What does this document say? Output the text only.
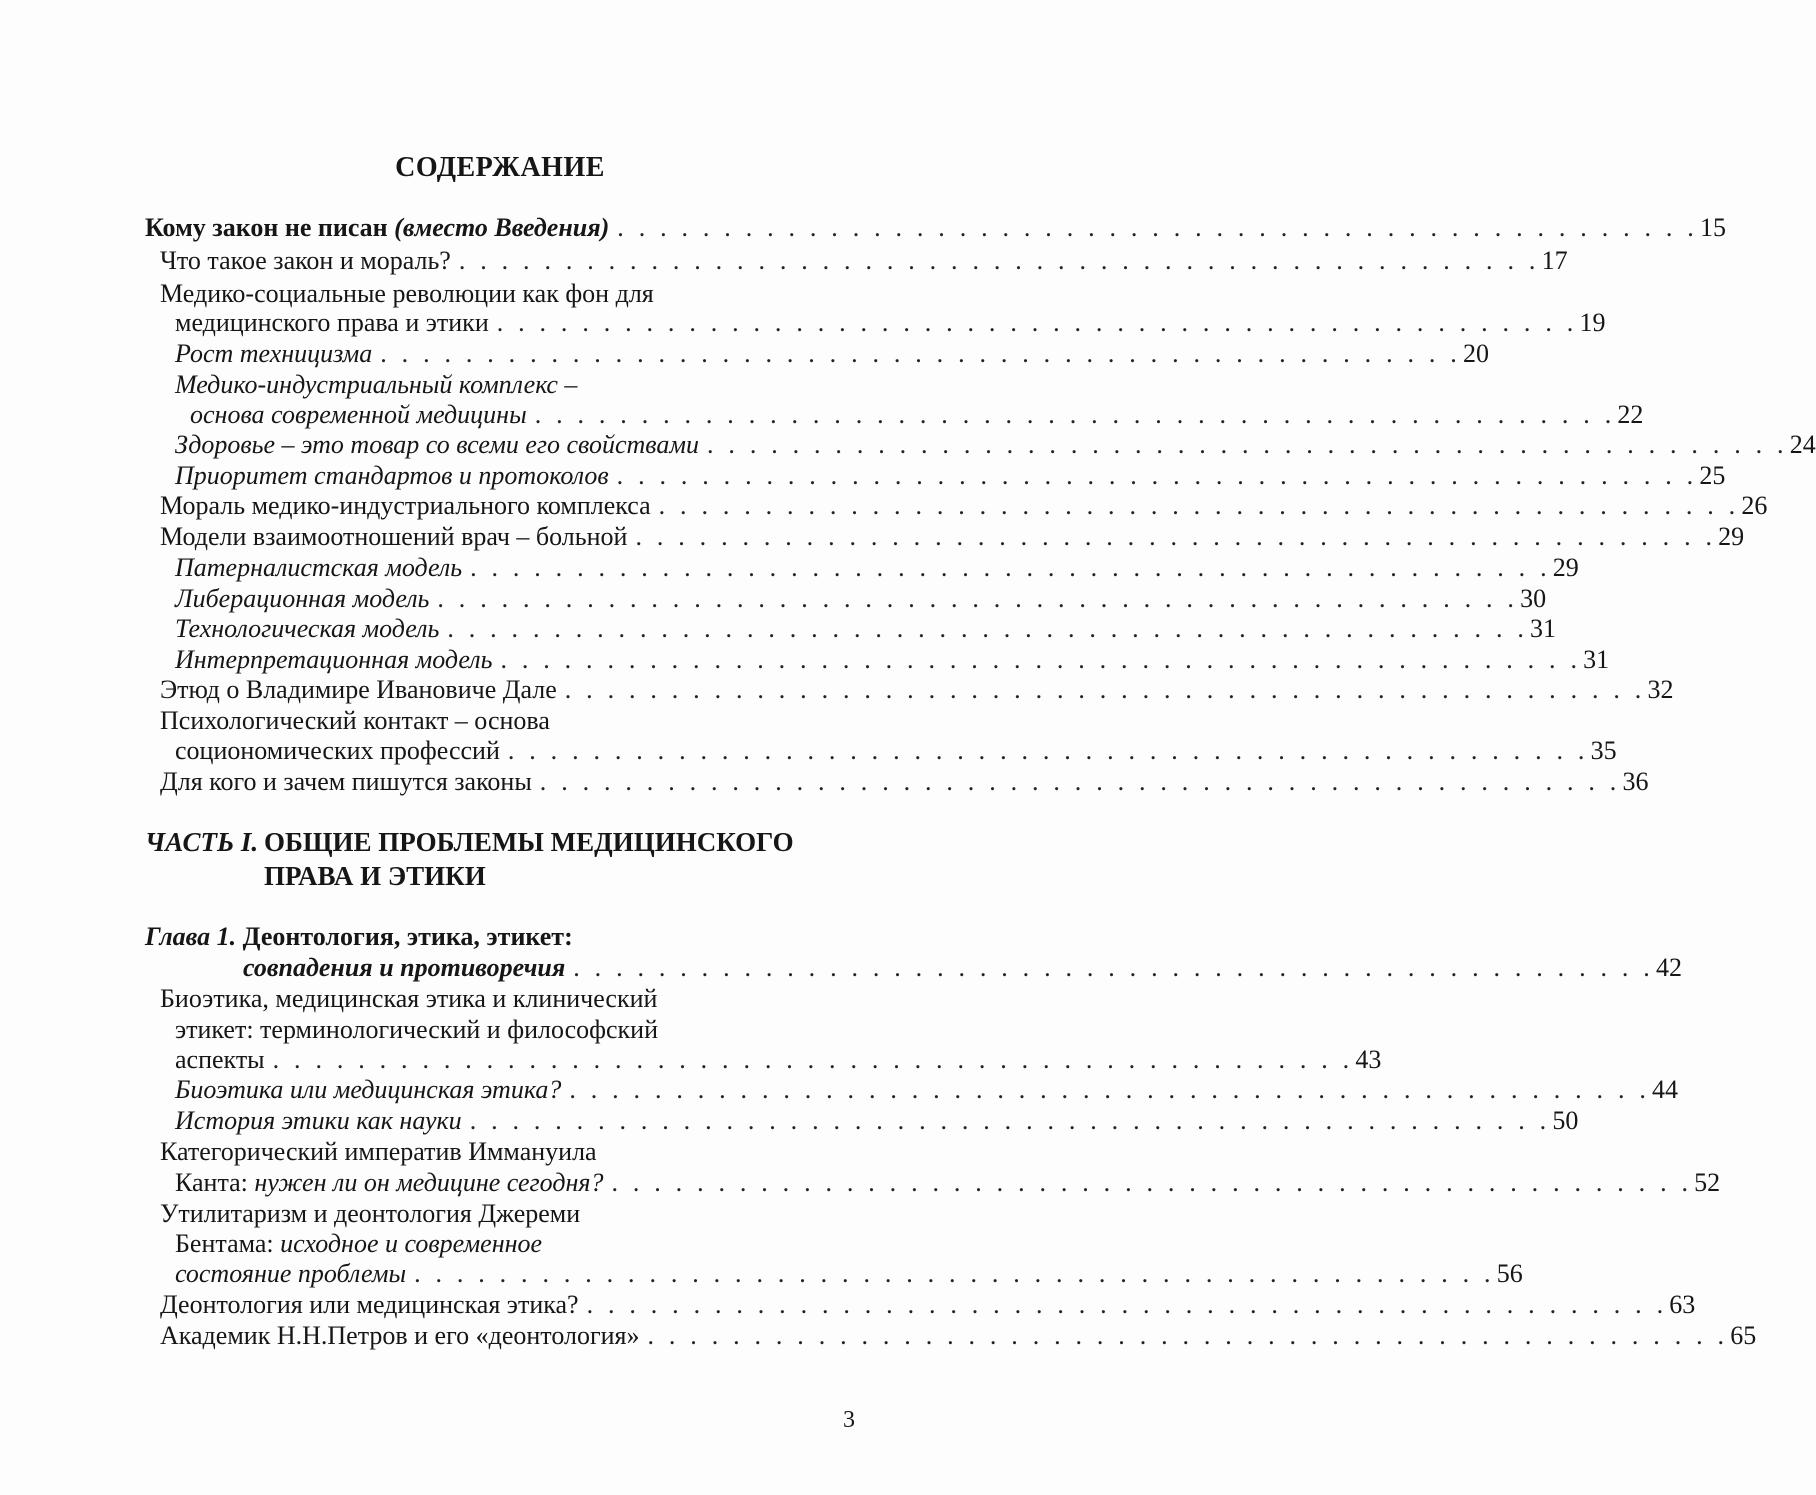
СОДЕРЖАНИЕ
Кому закон не писан (вместо Введения) . . . . . . . . . . . . . . . . . . . . . . . . . . . . . . . . . . . . . . . . . . . . . . . . . . . 15
Что такое закон и мораль? . . . . . . . . . . . . . . . . . . . . . . . . . . . . . . . . . . . . . . . . . . . . . . . . . . . 17
Медико-социальные революции как фон для
медицинского права и этики . . . . . . . . . . . . . . . . . . . . . . . . . . . . . . . . . . . . . . . . . . . . . . . . . . . 19
Рост техницизма . . . . . . . . . . . . . . . . . . . . . . . . . . . . . . . . . . . . . . . . . . . . . . . . . . . 20
Медико-индустриальный комплекс –
основа современной медицины . . . . . . . . . . . . . . . . . . . . . . . . . . . . . . . . . . . . . . . . . . . . . . . . . . . 22
Здоровье – это товар со всеми его свойствами . . . . . . . . . . . . . . . . . . . . . . . . . . . . . . . . . . . . . . . . . . . . . . . . . . . 24
Приоритет стандартов и протоколов . . . . . . . . . . . . . . . . . . . . . . . . . . . . . . . . . . . . . . . . . . . . . . . . . . . 25
Мораль медико-индустриального комплекса . . . . . . . . . . . . . . . . . . . . . . . . . . . . . . . . . . . . . . . . . . . . . . . . . . . 26
Модели взаимоотношений врач – больной . . . . . . . . . . . . . . . . . . . . . . . . . . . . . . . . . . . . . . . . . . . . . . . . . . . 29
Патерналистская модель . . . . . . . . . . . . . . . . . . . . . . . . . . . . . . . . . . . . . . . . . . . . . . . . . . . 29
Либерационная модель . . . . . . . . . . . . . . . . . . . . . . . . . . . . . . . . . . . . . . . . . . . . . . . . . . . 30
Технологическая модель . . . . . . . . . . . . . . . . . . . . . . . . . . . . . . . . . . . . . . . . . . . . . . . . . . . 31
Интерпретационная модель . . . . . . . . . . . . . . . . . . . . . . . . . . . . . . . . . . . . . . . . . . . . . . . . . . . 31
Этюд о Владимире Ивановиче Дале . . . . . . . . . . . . . . . . . . . . . . . . . . . . . . . . . . . . . . . . . . . . . . . . . . . 32
Психологический контакт – основа
социономических профессий . . . . . . . . . . . . . . . . . . . . . . . . . . . . . . . . . . . . . . . . . . . . . . . . . . . 35
Для кого и зачем пишутся законы . . . . . . . . . . . . . . . . . . . . . . . . . . . . . . . . . . . . . . . . . . . . . . . . . . . 36
ЧАСТЬ I. ОБЩИЕ ПРОБЛЕМЫ МЕДИЦИНСКОГО
ПРАВА И ЭТИКИ
Глава 1. Деонтология, этика, этикет:
совпадения и противоречия . . . . . . . . . . . . . . . . . . . . . . . . . . . . . . . . . . . . . . . . . . . . . . . . . . . 42
Биоэтика, медицинская этика и клинический
этикет: терминологический и философский
аспекты . . . . . . . . . . . . . . . . . . . . . . . . . . . . . . . . . . . . . . . . . . . . . . . . . . . 43
Биоэтика или медицинская этика? . . . . . . . . . . . . . . . . . . . . . . . . . . . . . . . . . . . . . . . . . . . . . . . . . . . 44
История этики как науки . . . . . . . . . . . . . . . . . . . . . . . . . . . . . . . . . . . . . . . . . . . . . . . . . . . 50
Категорический императив Иммануила
Канта: нужен ли он медицине сегодня? . . . . . . . . . . . . . . . . . . . . . . . . . . . . . . . . . . . . . . . . . . . . . . . . . . . 52
Утилитаризм и деонтология Джереми
Бентама: исходное и современное
состояние проблемы . . . . . . . . . . . . . . . . . . . . . . . . . . . . . . . . . . . . . . . . . . . . . . . . . . . 56
Деонтология или медицинская этика? . . . . . . . . . . . . . . . . . . . . . . . . . . . . . . . . . . . . . . . . . . . . . . . . . . . 63
Академик Н.Н.Петров и его «деонтология» . . . . . . . . . . . . . . . . . . . . . . . . . . . . . . . . . . . . . . . . . . . . . . . . . . . 65
3
